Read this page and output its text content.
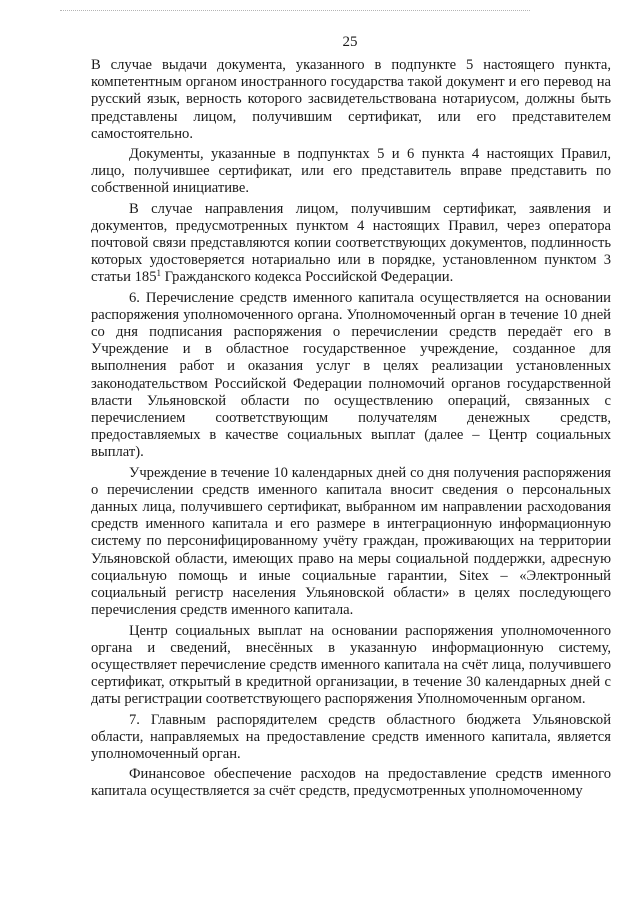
25

В случае выдачи документа, указанного в подпункте 5 настоящего пункта, компетентным органом иностранного государства такой документ и его перевод на русский язык, верность которого засвидетельствована нотариусом, должны быть представлены лицом, получившим сертификат, или его представителем самостоятельно.

Документы, указанные в подпунктах 5 и 6 пункта 4 настоящих Правил, лицо, получившее сертификат, или его представитель вправе представить по собственной инициативе.

В случае направления лицом, получившим сертификат, заявления и документов, предусмотренных пунктом 4 настоящих Правил, через оператора почтовой связи представляются копии соответствующих документов, подлинность которых удостоверяется нотариально или в порядке, установленном пунктом 3 статьи $185^1$ Гражданского кодекса Российской Федерации.

6. Перечисление средств именного капитала осуществляется на основании распоряжения уполномоченного органа. Уполномоченный орган в течение 10 дней со дня подписания распоряжения о перечислении средств передаёт его в Учреждение и в областное государственное учреждение, созданное для выполнения работ и оказания услуг в целях реализации установленных законодательством Российской Федерации полномочий органов государственной власти Ульяновской области по осуществлению операций, связанных с перечислением соответствующим получателям денежных средств, предоставляемых в качестве социальных выплат (далее – Центр социальных выплат).

Учреждение в течение 10 календарных дней со дня получения распоряжения о перечислении средств именного капитала вносит сведения о персональных данных лица, получившего сертификат, выбранном им направлении расходования средств именного капитала и его размере в интеграционную информационную систему по персонифицированному учёту граждан, проживающих на территории Ульяновской области, имеющих право на меры социальной поддержки, адресную социальную помощь и иные социальные гарантии, Sitex – «Электронный социальный регистр населения Ульяновской области» в целях последующего перечисления средств именного капитала.

Центр социальных выплат на основании распоряжения уполномоченного органа и сведений, внесённых в указанную информационную систему, осуществляет перечисление средств именного капитала на счёт лица, получившего сертификат, открытый в кредитной организации, в течение 30 календарных дней с даты регистрации соответствующего распоряжения Уполномоченным органом.

7. Главным распорядителем средств областного бюджета Ульяновской области, направляемых на предоставление средств именного капитала, является уполномоченный орган.

Финансовое обеспечение расходов на предоставление средств именного капитала осуществляется за счёт средств, предусмотренных уполномоченному
